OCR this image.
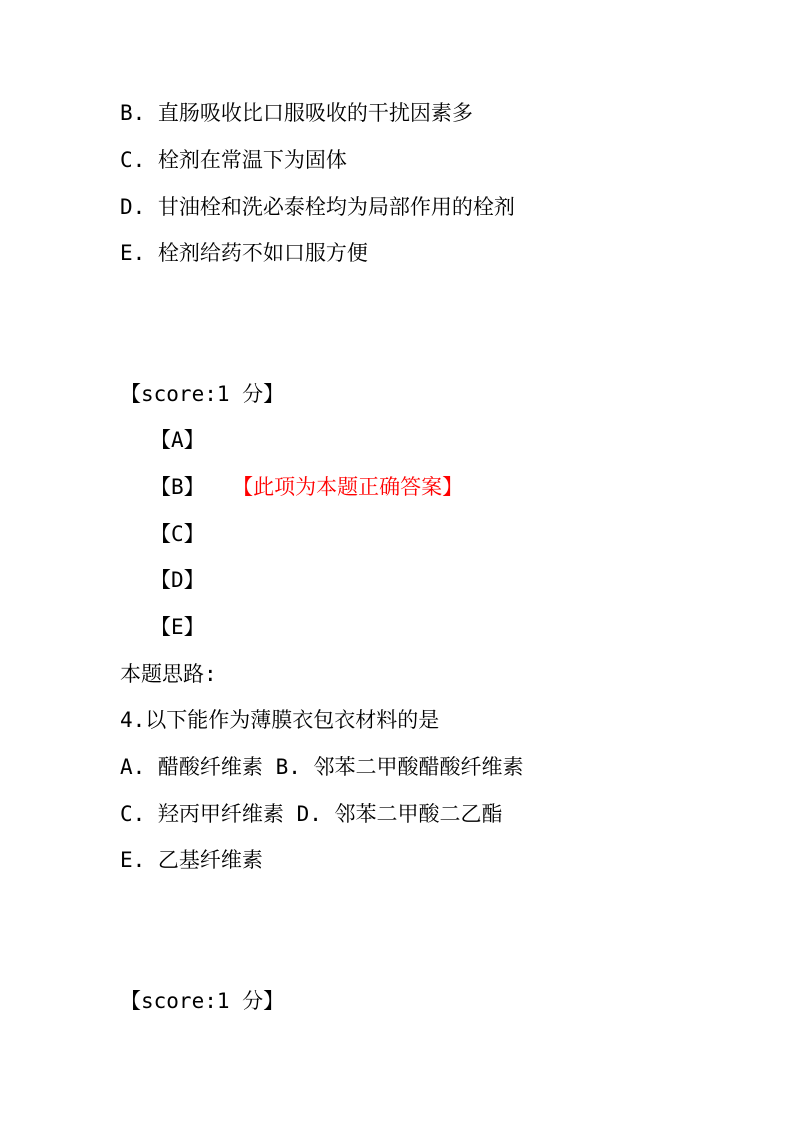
B. 直肠吸收比口服吸收的干扰因素多
C. 栓剂在常温下为固体
D. 甘油栓和洗必泰栓均为局部作用的栓剂
E. 栓剂给药不如口服方便
【score:1 分】
【A】
【B】 【此项为本题正确答案】
【C】
【D】
【E】
本题思路:
4.以下能作为薄膜衣包衣材料的是
A. 醋酸纤维素 B. 邻苯二甲酸醋酸纤维素
C. 羟丙甲纤维素 D. 邻苯二甲酸二乙酯
E. 乙基纤维素
【score:1 分】
